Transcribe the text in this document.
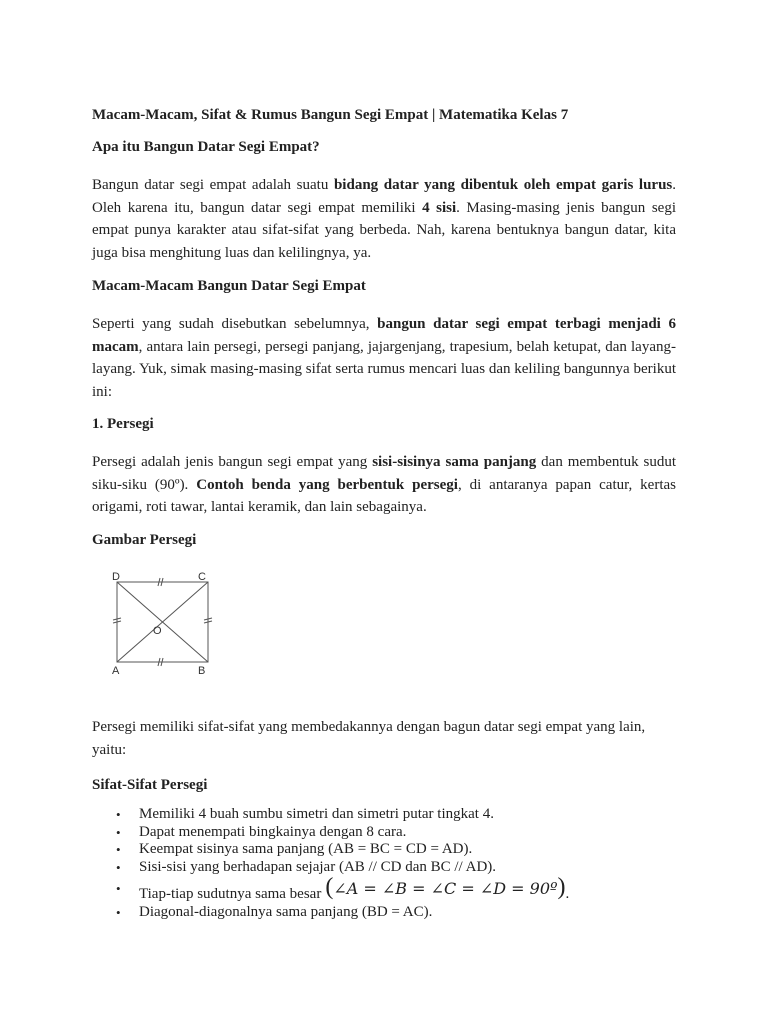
Macam-Macam, Sifat & Rumus Bangun Segi Empat | Matematika Kelas 7

Apa itu Bangun Datar Segi Empat?

Bangun datar segi empat adalah suatu bidang datar yang dibentuk oleh empat garis lurus. Oleh karena itu, bangun datar segi empat memiliki 4 sisi. Masing-masing jenis bangun segi empat punya karakter atau sifat-sifat yang berbeda. Nah, karena bentuknya bangun datar, kita juga bisa menghitung luas dan kelilingnya, ya.

Macam-Macam Bangun Datar Segi Empat

Seperti yang sudah disebutkan sebelumnya, bangun datar segi empat terbagi menjadi 6 macam, antara lain persegi, persegi panjang, jajargenjang, trapesium, belah ketupat, dan layang-layang. Yuk, simak masing-masing sifat serta rumus mencari luas dan keliling bangunnya berikut ini:

1. Persegi

Persegi adalah jenis bangun segi empat yang sisi-sisinya sama panjang dan membentuk sudut siku-siku (90º). Contoh benda yang berbentuk persegi, di antaranya papan catur, kertas origami, roti tawar, lantai keramik, dan lain sebagainya.

Gambar Persegi

D	C
A	B
O

Persegi memiliki sifat-sifat yang membedakannya dengan bagun datar segi empat yang lain, yaitu:

Sifat-Sifat Persegi

• Memiliki 4 buah sumbu simetri dan simetri putar tingkat 4.
• Dapat menempati bingkainya dengan 8 cara.
• Keempat sisinya sama panjang (AB = BC = CD = AD).
• Sisi-sisi yang berhadapan sejajar (AB // CD dan BC // AD).
• Tiap-tiap sudutnya sama besar (∠A = ∠B = ∠C = ∠D = 90º).
• Diagonal-diagonalnya sama panjang (BD = AC).
